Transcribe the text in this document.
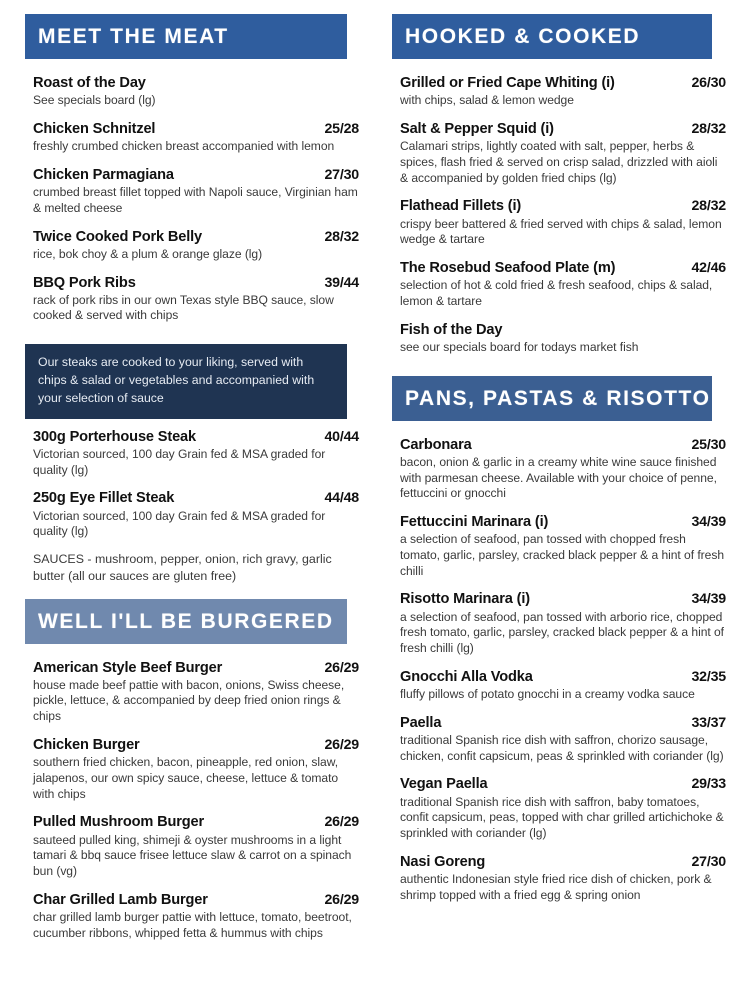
MEET THE MEAT
Roast of the Day
See specials board (lg)
Chicken Schnitzel	25/28
freshly crumbed chicken breast accompanied with lemon
Chicken Parmagiana	27/30
crumbed breast fillet topped with Napoli sauce, Virginian ham & melted cheese
Twice Cooked Pork Belly	28/32
rice, bok choy & a plum & orange glaze (lg)
BBQ Pork Ribs	39/44
rack of pork ribs in our own Texas style BBQ sauce, slow cooked & served with chips
Our steaks are cooked to your liking, served with chips & salad or vegetables and accompanied with your selection of sauce
300g Porterhouse Steak	40/44
Victorian sourced, 100 day Grain fed & MSA graded for quality (lg)
250g Eye Fillet Steak	44/48
Victorian sourced, 100 day Grain fed & MSA graded for quality (lg)
SAUCES - mushroom, pepper, onion, rich gravy, garlic butter (all our sauces are gluten free)
WELL I'LL BE BURGERED
American Style Beef Burger	26/29
house made beef pattie with bacon, onions, Swiss cheese, pickle, lettuce, & accompanied by deep fried onion rings & chips
Chicken Burger	26/29
southern fried chicken, bacon, pineapple, red onion, slaw, jalapenos, our own spicy sauce, cheese, lettuce & tomato with chips
Pulled Mushroom Burger	26/29
sauteed pulled king, shimeji & oyster mushrooms in a light tamari & bbq sauce frisee lettuce slaw & carrot on a spinach bun (vg)
Char Grilled Lamb Burger	26/29
char grilled lamb burger pattie with lettuce, tomato, beetroot, cucumber ribbons, whipped fetta & hummus with chips
HOOKED & COOKED
Grilled or Fried Cape Whiting (i)	26/30
with chips, salad & lemon wedge
Salt & Pepper Squid (i)	28/32
Calamari strips, lightly coated with salt, pepper, herbs & spices, flash fried & served on crisp salad, drizzled with aioli & accompanied by golden fried chips (lg)
Flathead Fillets (i)	28/32
crispy beer battered & fried served with chips & salad, lemon wedge & tartare
The Rosebud Seafood Plate (m)	42/46
selection of hot & cold fried & fresh seafood, chips & salad, lemon & tartare
Fish of the Day
see our specials board for todays market fish
PANS, PASTAS & RISOTTO
Carbonara	25/30
bacon, onion & garlic in a creamy white wine sauce finished with parmesan cheese. Available with your choice of penne, fettuccini or gnocchi
Fettuccini Marinara (i)	34/39
a selection of seafood, pan tossed with chopped fresh tomato, garlic, parsley, cracked black pepper & a hint of fresh chilli
Risotto Marinara (i)	34/39
a selection of seafood, pan tossed with arborio rice, chopped fresh tomato, garlic, parsley, cracked black pepper & a hint of fresh chilli (lg)
Gnocchi Alla Vodka	32/35
fluffy pillows of potato gnocchi in a creamy vodka sauce
Paella	33/37
traditional Spanish rice dish with saffron, chorizo sausage, chicken, confit capsicum, peas & sprinkled with coriander (lg)
Vegan Paella	29/33
traditional Spanish rice dish with saffron, baby tomatoes, confit capsicum, peas, topped with char grilled artichichoke & sprinkled with coriander (lg)
Nasi Goreng	27/30
authentic Indonesian style fried rice dish of chicken, pork & shrimp topped with a fried egg & spring onion
